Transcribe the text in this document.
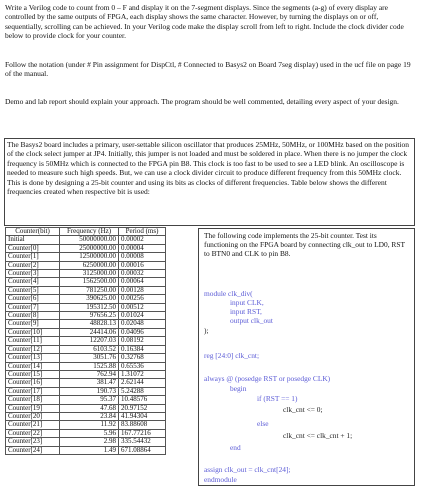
Write a Verilog code to count from 0 – F and display it on the 7-segment displays. Since the segments (a-g) of every display are controlled by the same outputs of FPGA, each display shows the same character. However, by turning the displays on or off, sequentially, scrolling can be achieved. In your Verilog code make the display scroll from left to right. Include the clock divider code below to provide clock for your counter.

Follow the notation (under # Pin assignment for DispCtl, # Connected to Basys2 on Board 7seg display) used in the ucf file on page 19 of the manual.

Demo and lab report should explain your approach. The program should be well commented, detailing every aspect of your design.

The Basys2 board includes a primary, user-settable silicon oscillator that produces 25MHz, 50MHz, or 100MHz based on the position of the clock select jumper at JP4. Initially, this jumper is not loaded and must be soldered in place. When there is no jumper the clock frequency is 50MHz which is connected to the FPGA pin B8. This clock is too fast to be used to see a LED blink. An oscilloscope is needed to measure such high speeds. But, we can use a clock divider circuit to produce different frequency from this 50MHz clock. This is done by designing a 25-bit counter and using its bits as clocks of different frequencies. Table below shows the different frequencies created when respective bit is used:

Counter(bit)	Frequency (Hz)	Period (ms)
Initial	50000000.00	0.00002
Counter[0]	25000000.00	0.00004
Counter[1]	12500000.00	0.00008
Counter[2]	6250000.00	0.00016
Counter[3]	3125000.00	0.00032
Counter[4]	1562500.00	0.00064
Counter[5]	781250.00	0.00128
Counter[6]	390625.00	0.00256
Counter[7]	195312.50	0.00512
Counter[8]	97656.25	0.01024
Counter[9]	48828.13	0.02048
Counter[10]	24414.06	0.04096
Counter[11]	12207.03	0.08192
Counter[12]	6103.52	0.16384
Counter[13]	3051.76	0.32768
Counter[14]	1525.88	0.65536
Counter[15]	762.94	1.31072
Counter[16]	381.47	2.62144
Counter[17]	190.73	5.24288
Counter[18]	95.37	10.48576
Counter[19]	47.68	20.97152
Counter[20]	23.84	41.94304
Counter[21]	11.92	83.88608
Counter[22]	5.96	167.77216
Counter[23]	2.98	335.54432
Counter[24]	1.49	671.08864

The following code implements the 25-bit counter. Test its functioning on the FPGA board by connecting clk_out to LD0, RST to BTN0 and CLK to pin B8.

module clk_div(
input CLK,
input RST,
output clk_out
);
reg [24:0] clk_cnt;
always @ (posedge RST or posedge CLK)
begin
if (RST == 1)
clk_cnt <= 0;
else
clk_cnt <= clk_cnt + 1;
end
assign clk_out = clk_cnt[24];
endmodule
